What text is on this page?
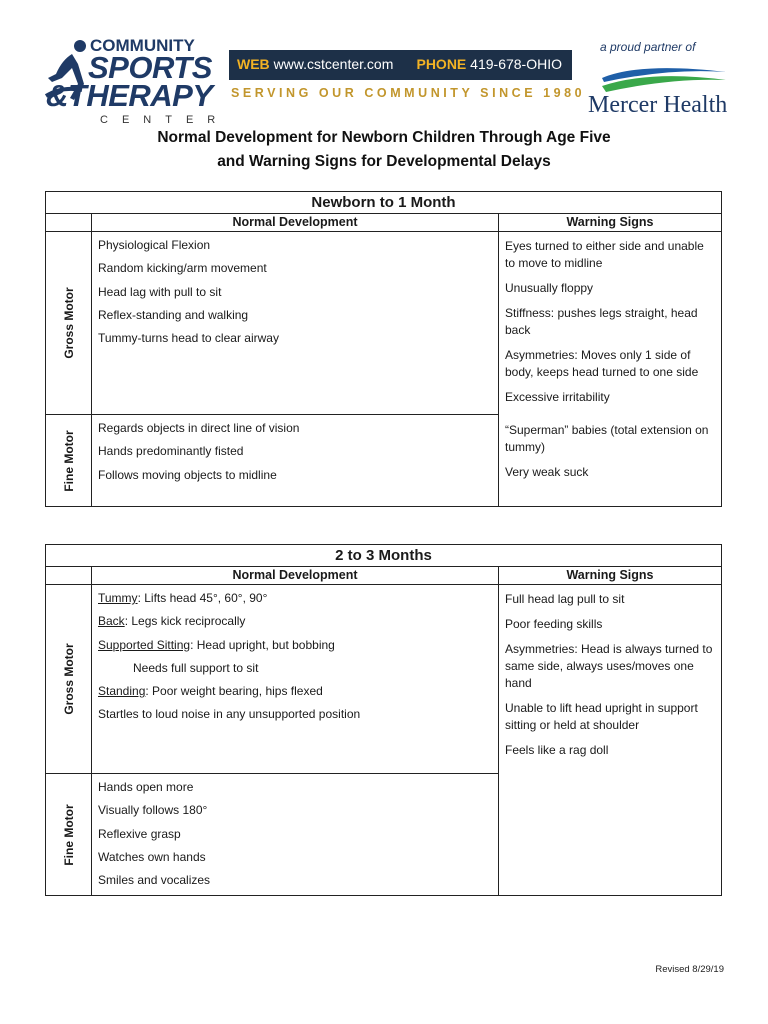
COMMUNITY
SPORTS
&THERAPY
CENTER
WEB www.cstcenter.com PHONE 419-678-OHIO
SERVING OUR COMMUNITY SINCE 1980
a proud partner of
Mercer Health
Normal Development for Newborn Children Through Age Five
and Warning Signs for Developmental Delays
Newborn to 1 Month
Normal Development	Warning Signs
Gross Motor
Physiological Flexion
Random kicking/arm movement
Head lag with pull to sit
Reflex-standing and walking
Tummy-turns head to clear airway
Fine Motor
Regards objects in direct line of vision
Hands predominantly fisted
Follows moving objects to midline

Eyes turned to either side and unable to move to midline

Unusually floppy

Stiffness: pushes legs straight, head back

Asymmetries: Moves only 1 side of body, keeps head turned to one side

Excessive irritability

“Superman” babies (total extension on tummy)

Very weak suck

2 to 3 Months
Normal Development	Warning Signs
Gross Motor
Tummy: Lifts head 45°, 60°, 90°
Back: Legs kick reciprocally
Supported Sitting: Head upright, but bobbing
Needs full support to sit
Standing: Poor weight bearing, hips flexed
Startles to loud noise in any unsupported position
Fine Motor
Hands open more
Visually follows 180°
Reflexive grasp
Watches own hands
Smiles and vocalizes

Full head lag pull to sit

Poor feeding skills

Asymmetries: Head is always turned to same side, always uses/moves one hand

Unable to lift head upright in support sitting or held at shoulder

Feels like a rag doll

Revised 8/29/19
